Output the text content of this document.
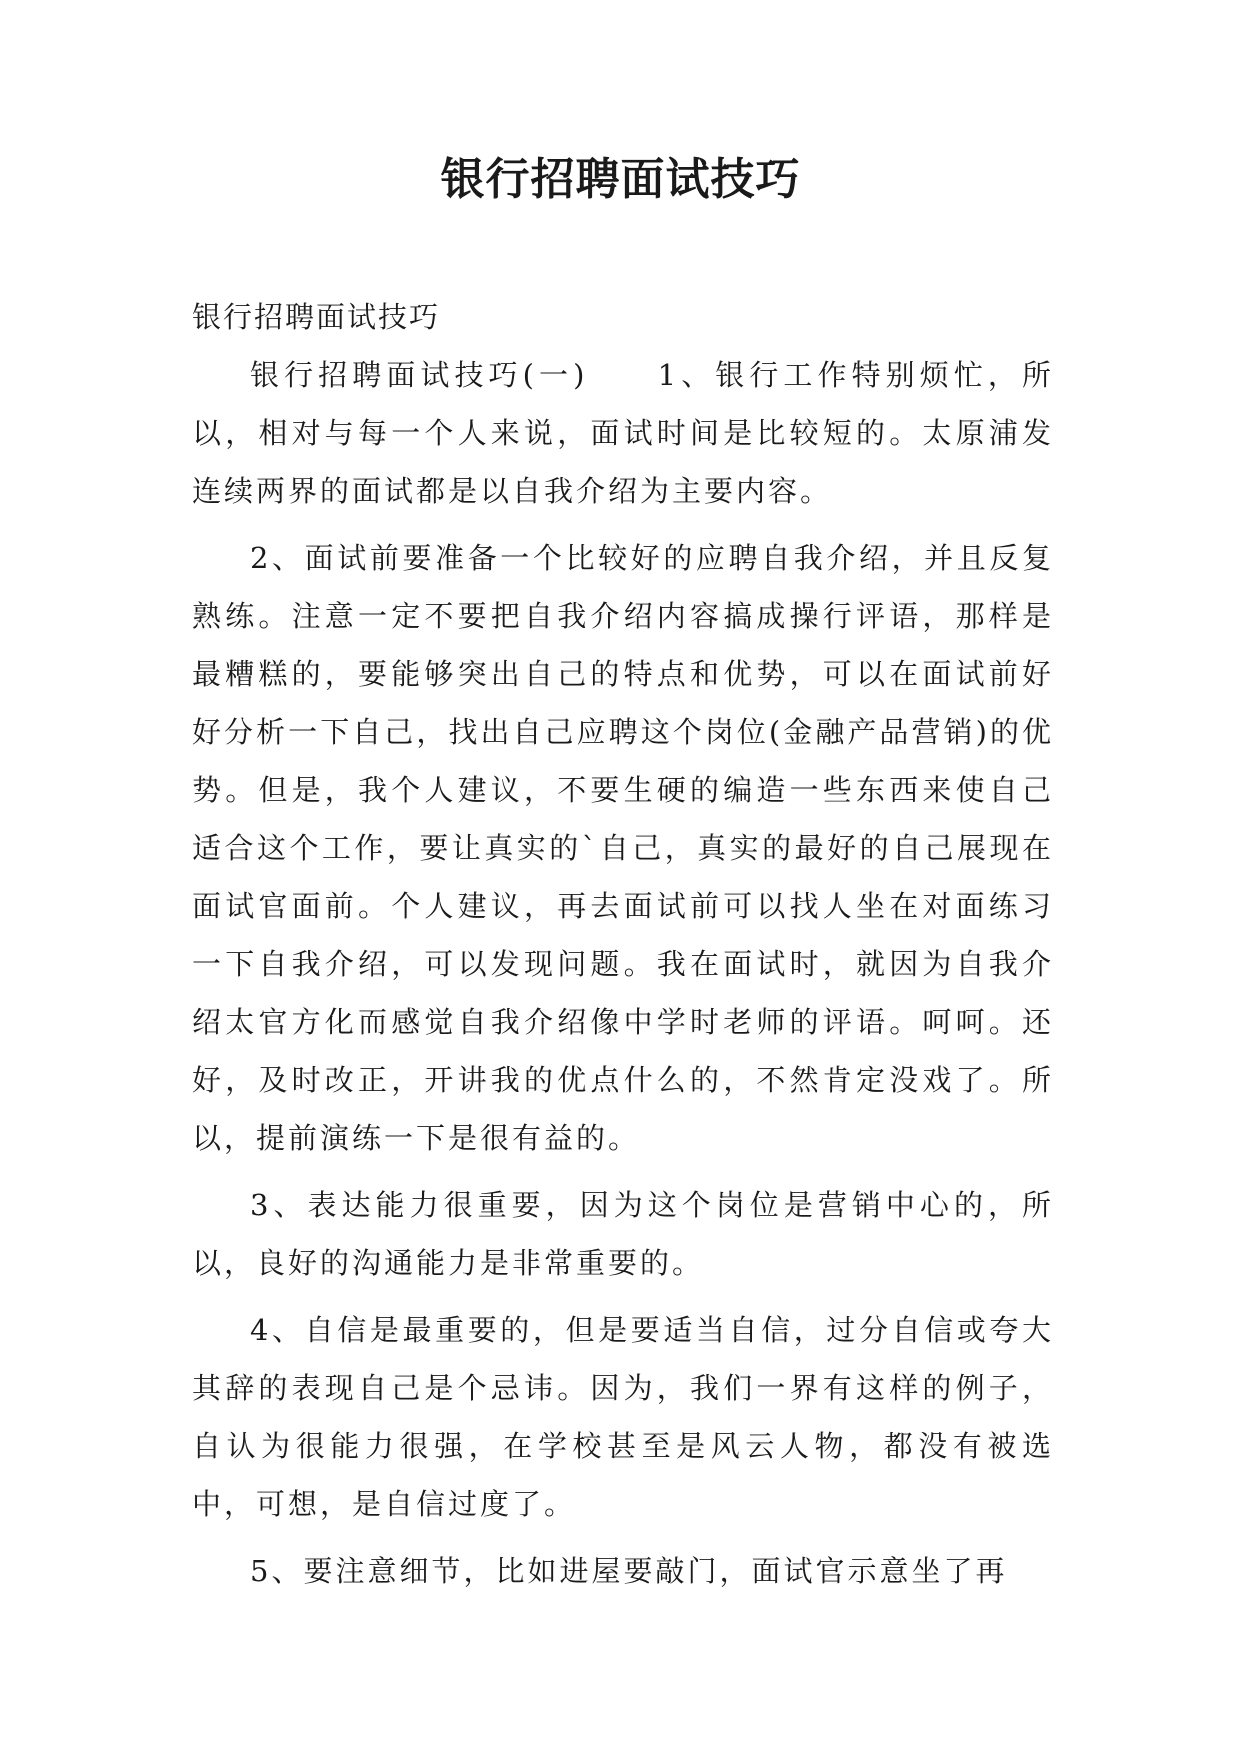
银行招聘面试技巧

银行招聘面试技巧

银行招聘面试技巧(一)　　1、银行工作特别烦忙，所以，相对与每一个人来说，面试时间是比较短的。太原浦发连续两界的面试都是以自我介绍为主要内容。

2、面试前要准备一个比较好的应聘自我介绍，并且反复熟练。注意一定不要把自我介绍内容搞成操行评语，那样是最糟糕的，要能够突出自己的特点和优势，可以在面试前好好分析一下自己，找出自己应聘这个岗位(金融产品营销)的优势。但是，我个人建议，不要生硬的编造一些东西来使自己适合这个工作，要让真实的`自己，真实的最好的自己展现在面试官面前。个人建议，再去面试前可以找人坐在对面练习一下自我介绍，可以发现问题。我在面试时，就因为自我介绍太官方化而感觉自我介绍像中学时老师的评语。呵呵。还好，及时改正，开讲我的优点什么的，不然肯定没戏了。所以，提前演练一下是很有益的。

3、表达能力很重要，因为这个岗位是营销中心的，所以，良好的沟通能力是非常重要的。

4、自信是最重要的，但是要适当自信，过分自信或夸大其辞的表现自己是个忌讳。因为，我们一界有这样的例子，自认为很能力很强，在学校甚至是风云人物，都没有被选中，可想，是自信过度了。

5、要注意细节，比如进屋要敲门，面试官示意坐了再
